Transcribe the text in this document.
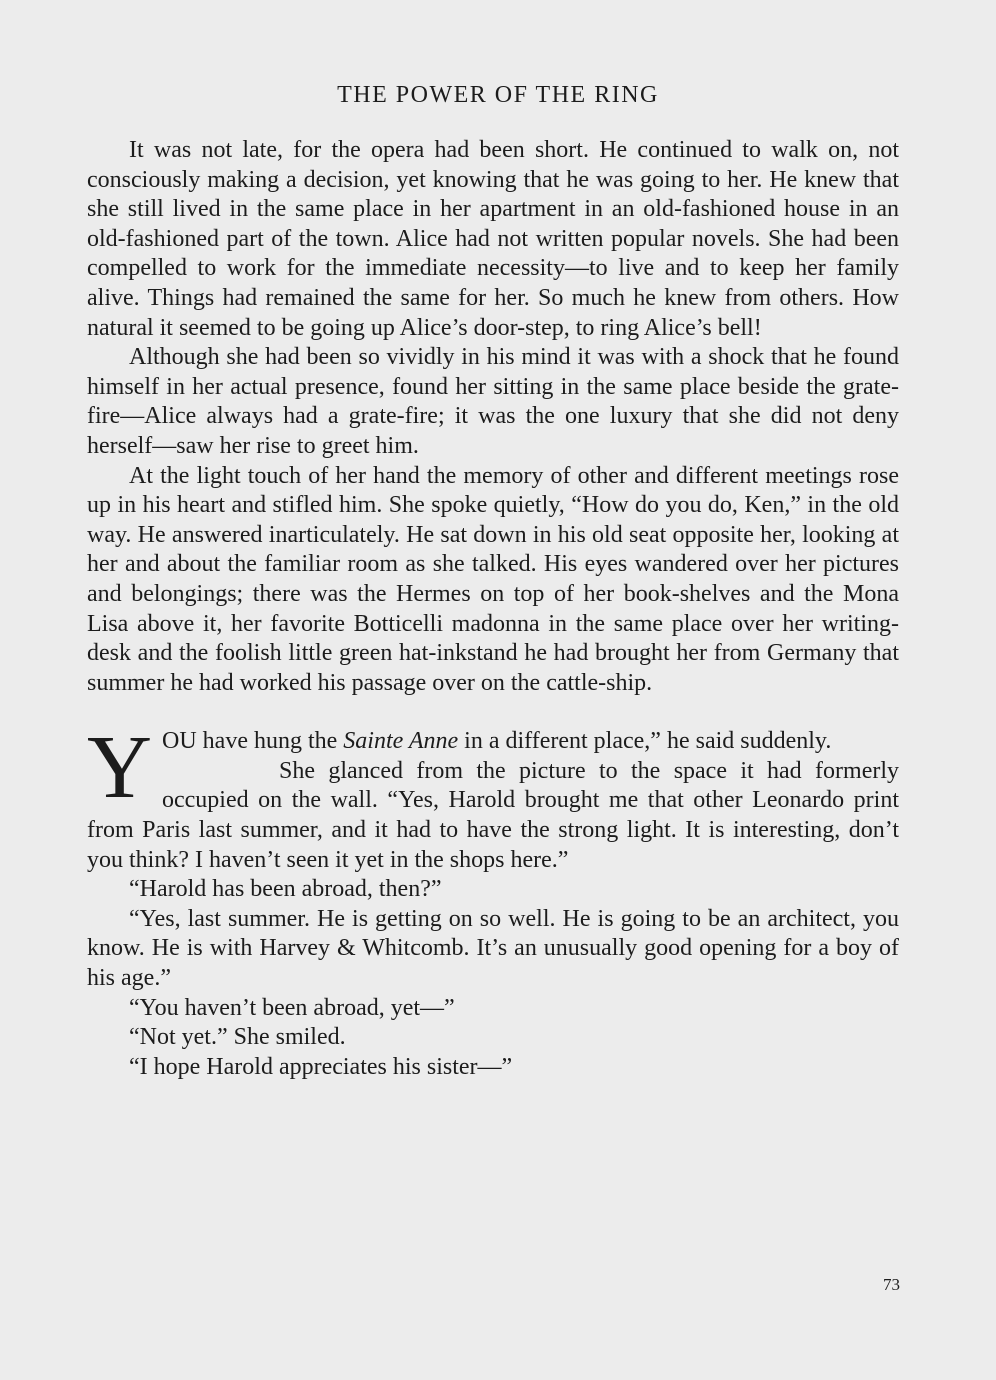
THE POWER OF THE RING

It was not late, for the opera had been short. He continued to walk on, not consciously making a decision, yet knowing that he was going to her. He knew that she still lived in the same place in her apartment in an old-fashioned house in an old-fashioned part of the town. Alice had not written popular novels. She had been compelled to work for the immediate necessity—to live and to keep her family alive. Things had remained the same for her. So much he knew from others. How natural it seemed to be going up Alice’s door-step, to ring Alice’s bell!

Although she had been so vividly in his mind it was with a shock that he found himself in her actual presence, found her sitting in the same place beside the grate-fire—Alice always had a grate-fire; it was the one luxury that she did not deny herself—saw her rise to greet him.

At the light touch of her hand the memory of other and different meetings rose up in his heart and stifled him. She spoke quietly, “How do you do, Ken,” in the old way. He answered inarticulately. He sat down in his old seat opposite her, looking at her and about the familiar room as she talked. His eyes wandered over her pictures and belongings; there was the Hermes on top of her book-shelves and the Mona Lisa above it, her favorite Botticelli madonna in the same place over her writing-desk and the foolish little green hat-inkstand he had brought her from Germany that summer he had worked his passage over on the cattle-ship.

Y OU have hung the Sainte Anne in a different place,” he said suddenly.

She glanced from the picture to the space it had formerly occupied on the wall. “Yes, Harold brought me that other Leonardo print from Paris last summer, and it had to have the strong light. It is interesting, don’t you think? I haven’t seen it yet in the shops here.”

“Harold has been abroad, then?”

“Yes, last summer. He is getting on so well. He is going to be an architect, you know. He is with Harvey & Whitcomb. It’s an unusually good opening for a boy of his age.”

“You haven’t been abroad, yet—”

“Not yet.” She smiled.

“I hope Harold appreciates his sister—”

73
